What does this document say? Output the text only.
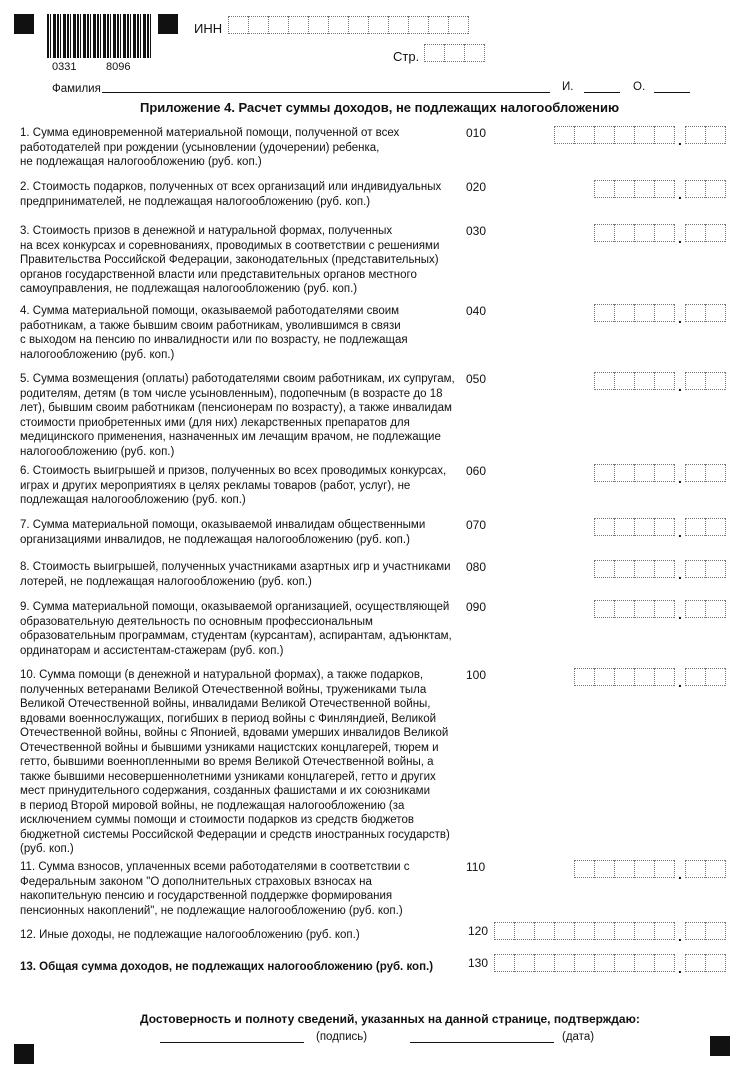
0331	8096
ИНН
Стр.
Фамилия	И.	О.
Приложение 4. Расчет суммы доходов, не подлежащих налогообложению
1. Сумма единовременной материальной помощи, полученной от всех
работодателей при рождении (усыновлении (удочерении) ребенка,
не подлежащая налогообложению (руб. коп.)
010	.
2. Стоимость подарков, полученных от всех организаций или индивидуальных
предпринимателей, не подлежащая налогообложению (руб. коп.)
020	.
3. Стоимость призов в денежной и натуральной формах, полученных
на всех конкурсах и соревнованиях, проводимых в соответствии с решениями
Правительства Российской Федерации, законодательных (представительных)
органов государственной власти или представительных органов местного
самоуправления, не подлежащая налогообложению (руб. коп.)
030	.
4. Сумма материальной помощи, оказываемой работодателями своим
работникам, а также бывшим своим работникам, уволившимся в связи
с выходом на пенсию по инвалидности или по возрасту, не подлежащая
налогообложению (руб. коп.)
040	.
5. Сумма возмещения (оплаты) работодателями своим работникам, их супругам,
родителям, детям (в том числе усыновленным), подопечным (в возрасте до 18
лет), бывшим своим работникам (пенсионерам по возрасту), а также инвалидам
стоимости приобретенных ими (для них) лекарственных препаратов для
медицинского применения, назначенных им лечащим врачом, не подлежащие
налогообложению (руб. коп.)
050	.
6. Стоимость выигрышей и призов, полученных во всех проводимых конкурсах,
играх и других мероприятиях в целях рекламы товаров (работ, услуг), не
подлежащая налогообложению (руб. коп.)
060	.
7. Сумма материальной помощи, оказываемой инвалидам общественными
организациями инвалидов, не подлежащая налогообложению (руб. коп.)
070	.
8. Стоимость выигрышей, полученных участниками азартных игр и участниками
лотерей, не подлежащая налогообложению (руб. коп.)
080	.
9. Сумма материальной помощи, оказываемой организацией, осуществляющей
образовательную деятельность по основным профессиональным
образовательным программам, студентам (курсантам), аспирантам, адъюнктам,
ординаторам и ассистентам-стажерам (руб. коп.)
090	.
10. Сумма помощи (в денежной и натуральной формах), а также подарков,
полученных ветеранами Великой Отечественной войны, тружениками тыла
Великой Отечественной войны, инвалидами Великой Отечественной войны,
вдовами военнослужащих, погибших в период войны с Финляндией, Великой
Отечественной войны, войны с Японией, вдовами умерших инвалидов Великой
Отечественной войны и бывшими узниками нацистских концлагерей, тюрем и
гетто, бывшими военнопленными во время Великой Отечественной войны, а
также бывшими несовершеннолетними узниками концлагерей, гетто и других
мест принудительного содержания, созданных фашистами и их союзниками
в период Второй мировой войны, не подлежащая налогообложению (за
исключением суммы помощи и стоимости подарков из средств бюджетов
бюджетной системы Российской Федерации и средств иностранных государств)
(руб. коп.)
100	.
11. Сумма взносов, уплаченных всеми работодателями в соответствии с
Федеральным законом "О дополнительных страховых взносах на
накопительную пенсию и государственной поддержке формирования
пенсионных накоплений", не подлежащие налогообложению (руб. коп.)
110	.
12. Иные доходы, не подлежащие налогообложению (руб. коп.)	120	.
13. Общая сумма доходов, не подлежащих налогообложению (руб. коп.)	130	.
Достоверность и полноту сведений, указанных на данной странице, подтверждаю:
(подпись)	(дата)
